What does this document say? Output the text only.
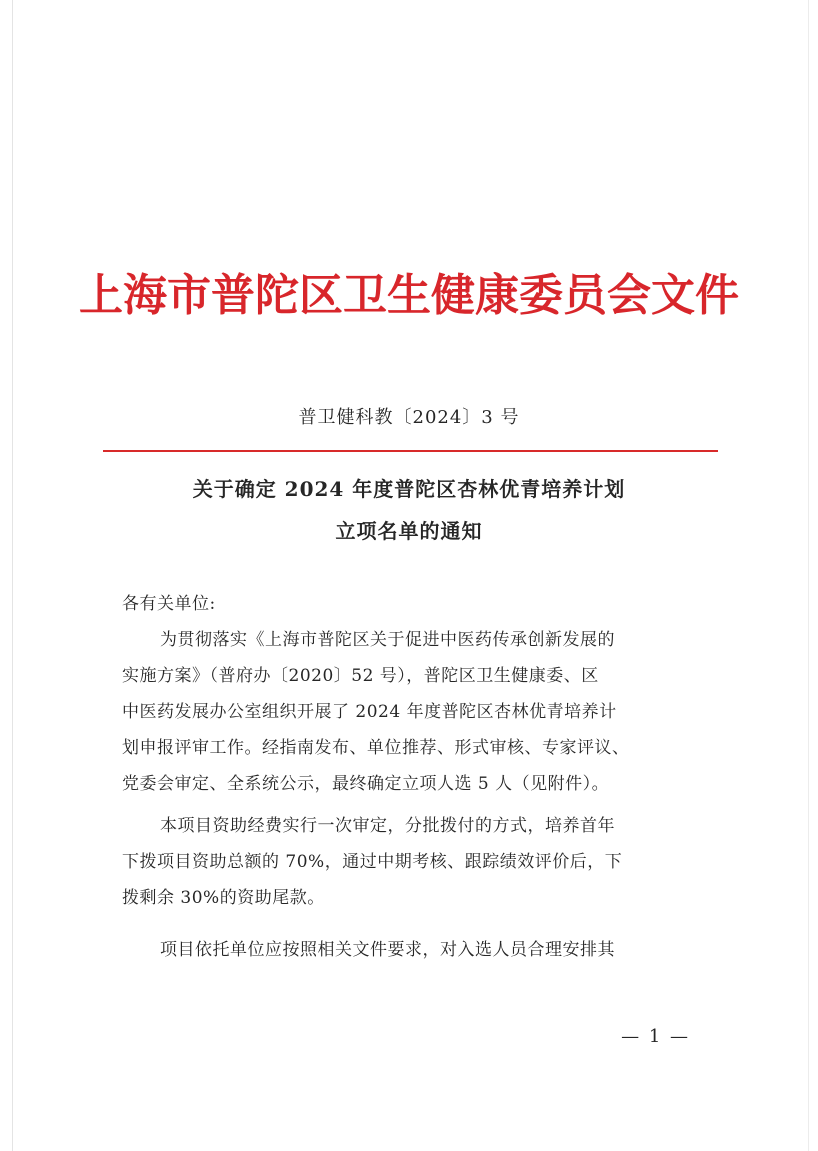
上海市普陀区卫生健康委员会文件
普卫健科教〔2024〕3 号
关于确定 2024 年度普陀区杏林优青培养计划
立项名单的通知
各有关单位:
为贯彻落实《上海市普陀区关于促进中医药传承创新发展的
实施方案》（普府办〔2020〕52 号），普陀区卫生健康委、区
中医药发展办公室组织开展了 2024 年度普陀区杏林优青培养计
划申报评审工作。经指南发布、单位推荐、形式审核、专家评议、
党委会审定、全系统公示，最终确定立项人选 5 人（见附件）。
本项目资助经费实行一次审定，分批拨付的方式，培养首年
下拨项目资助总额的 70%，通过中期考核、跟踪绩效评价后，下
拨剩余 30%的资助尾款。
项目依托单位应按照相关文件要求，对入选人员合理安排其
— 1 —
